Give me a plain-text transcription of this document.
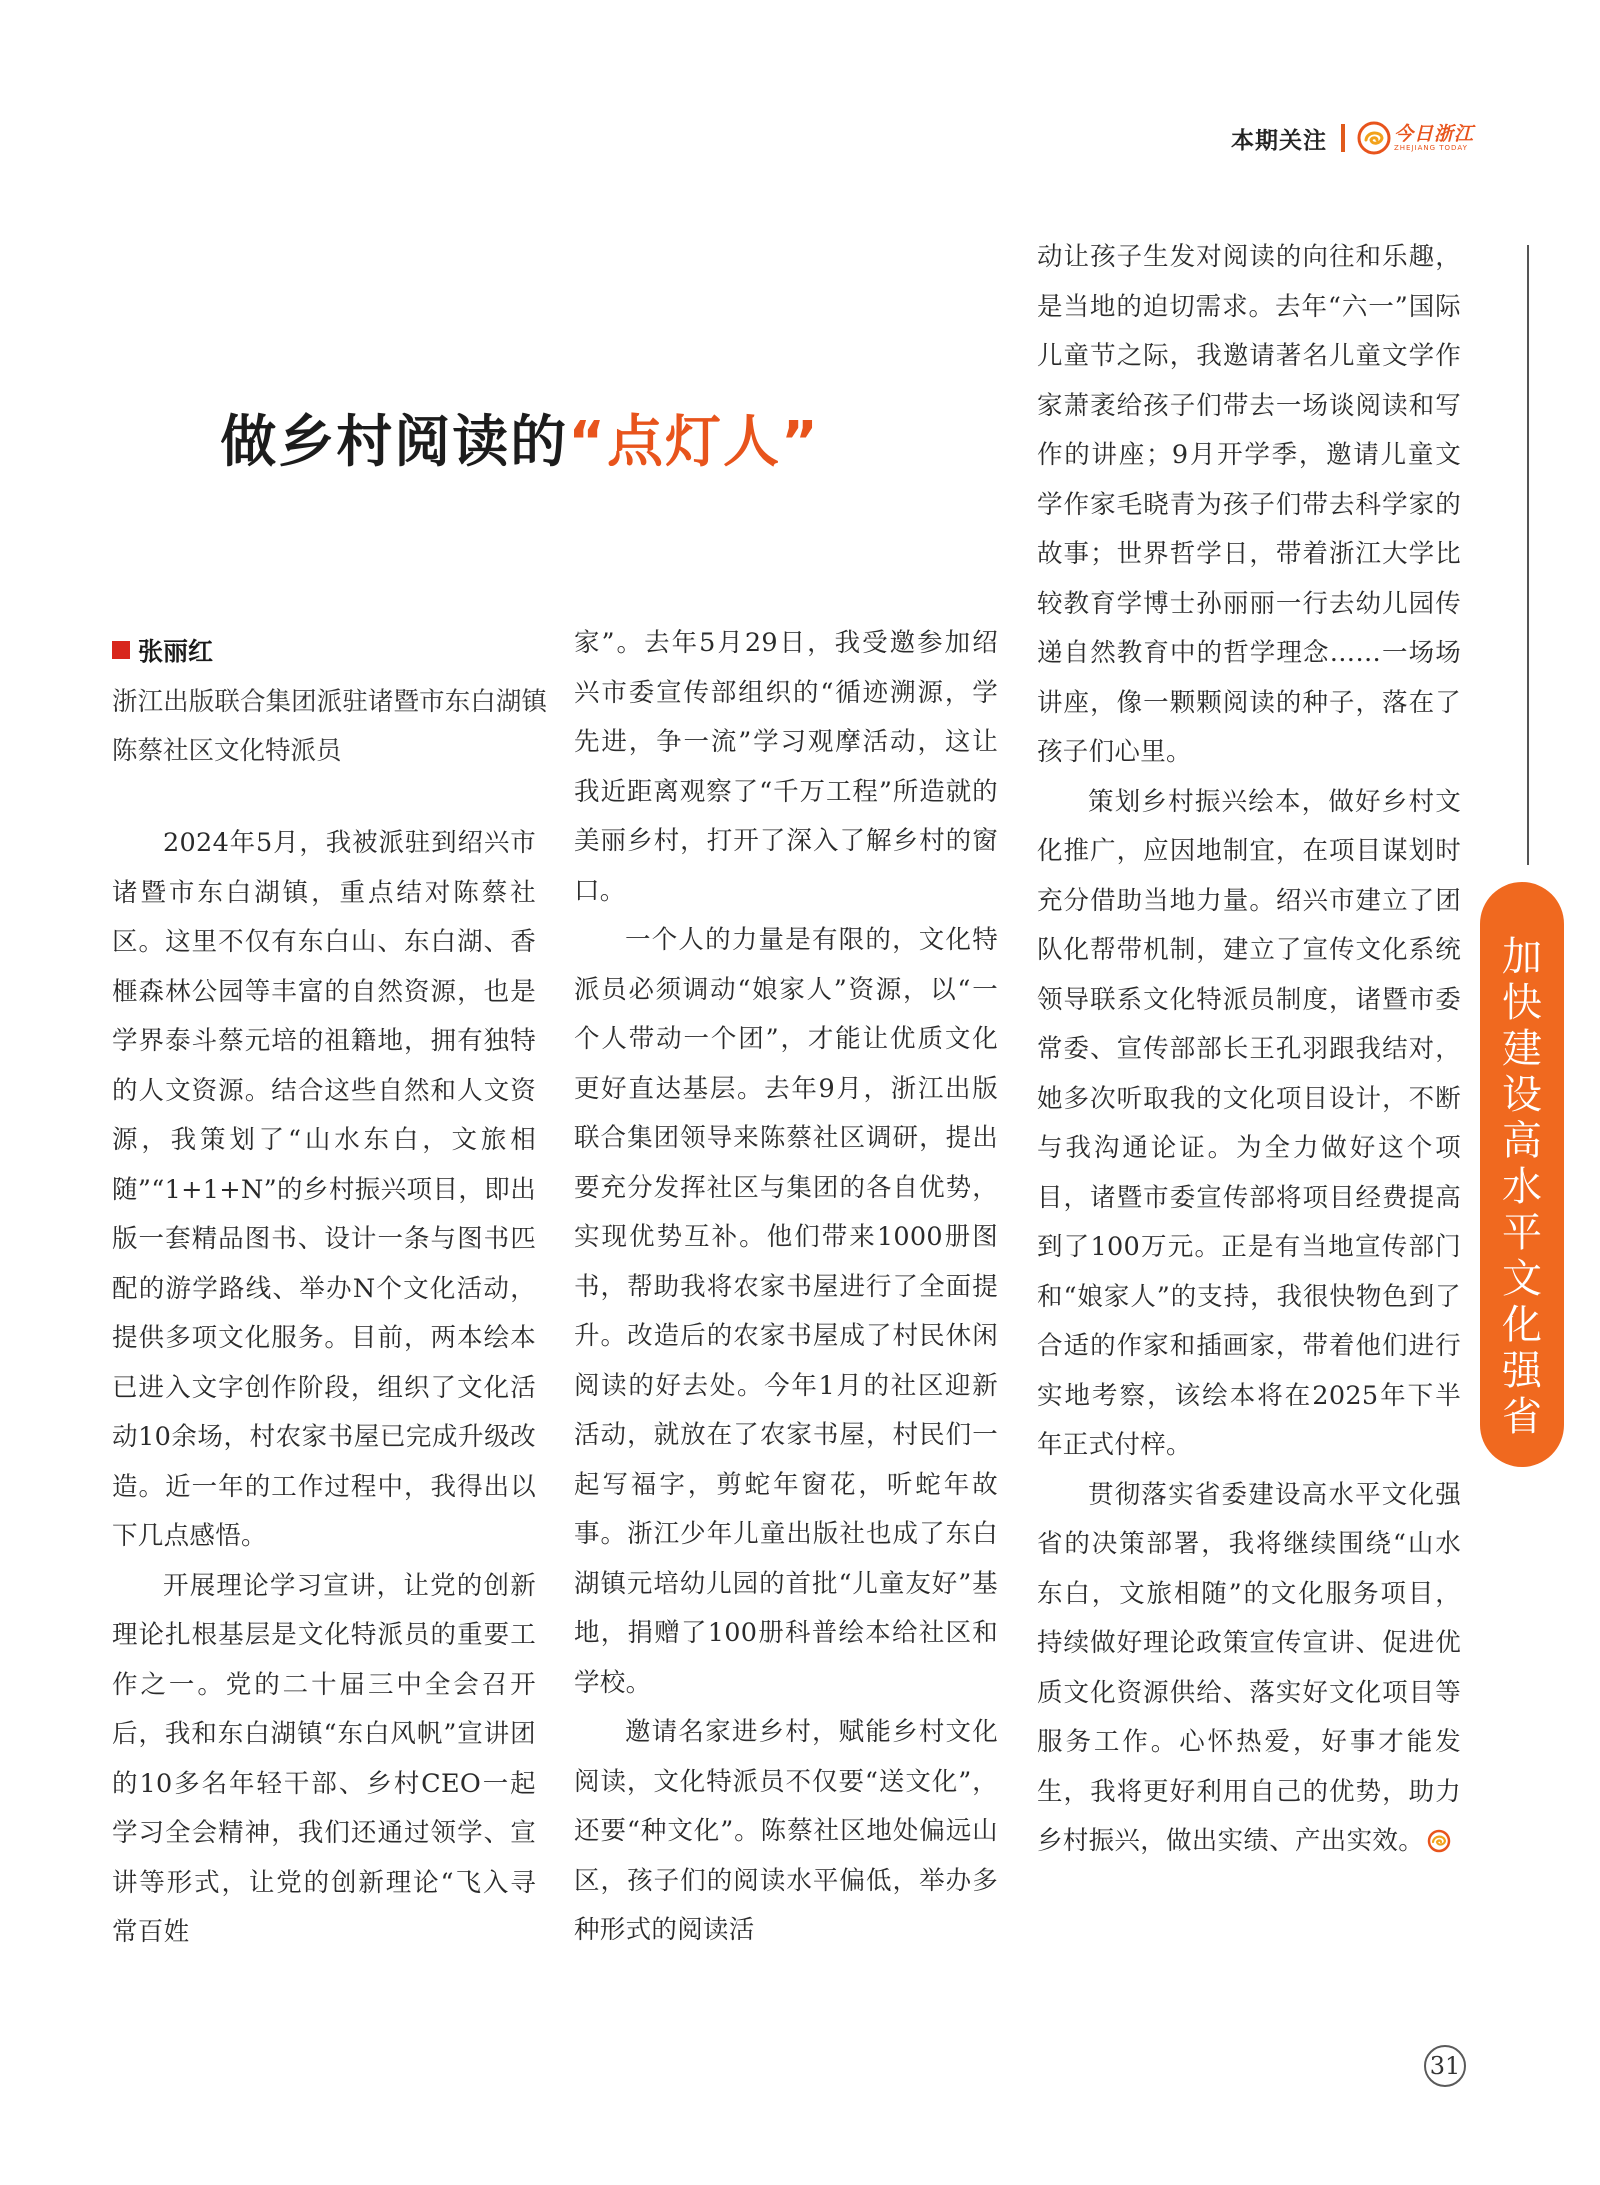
本期关注	今日浙江
ZHEJIANG TODAY
做乡村阅读的“点灯人”
张丽红
浙江出版联合集团派驻诸暨市东白湖镇陈蔡社区文化特派员

2024年5月，我被派驻到绍兴市诸暨市东白湖镇，重点结对陈蔡社区。这里不仅有东白山、东白湖、香榧森林公园等丰富的自然资源，也是学界泰斗蔡元培的祖籍地，拥有独特的人文资源。结合这些自然和人文资源，我策划了“山水东白，文旅相随”“1+1+N”的乡村振兴项目，即出版一套精品图书、设计一条与图书匹配的游学路线、举办N个文化活动，提供多项文化服务。目前，两本绘本已进入文字创作阶段，组织了文化活动10余场，村农家书屋已完成升级改造。近一年的工作过程中，我得出以下几点感悟。

开展理论学习宣讲，让党的创新理论扎根基层是文化特派员的重要工作之一。党的二十届三中全会召开后，我和东白湖镇“东白风帆”宣讲团的10多名年轻干部、乡村CEO一起学习全会精神，我们还通过领学、宣讲等形式，让党的创新理论“飞入寻常百姓

家”。去年5月29日，我受邀参加绍兴市委宣传部组织的“循迹溯源，学先进，争一流”学习观摩活动，这让我近距离观察了“千万工程”所造就的美丽乡村，打开了深入了解乡村的窗口。

一个人的力量是有限的，文化特派员必须调动“娘家人”资源，以“一个人带动一个团”，才能让优质文化更好直达基层。去年9月，浙江出版联合集团领导来陈蔡社区调研，提出要充分发挥社区与集团的各自优势，实现优势互补。他们带来1000册图书，帮助我将农家书屋进行了全面提升。改造后的农家书屋成了村民休闲阅读的好去处。今年1月的社区迎新活动，就放在了农家书屋，村民们一起写福字，剪蛇年窗花，听蛇年故事。浙江少年儿童出版社也成了东白湖镇元培幼儿园的首批“儿童友好”基地，捐赠了100册科普绘本给社区和学校。

邀请名家进乡村，赋能乡村文化阅读，文化特派员不仅要“送文化”，还要“种文化”。陈蔡社区地处偏远山区，孩子们的阅读水平偏低，举办多种形式的阅读活

动让孩子生发对阅读的向往和乐趣，是当地的迫切需求。去年“六一”国际儿童节之际，我邀请著名儿童文学作家萧袤给孩子们带去一场谈阅读和写作的讲座；9月开学季，邀请儿童文学作家毛晓青为孩子们带去科学家的故事；世界哲学日，带着浙江大学比较教育学博士孙丽丽一行去幼儿园传递自然教育中的哲学理念……一场场讲座，像一颗颗阅读的种子，落在了孩子们心里。

策划乡村振兴绘本，做好乡村文化推广，应因地制宜，在项目谋划时充分借助当地力量。绍兴市建立了团队化帮带机制，建立了宣传文化系统领导联系文化特派员制度，诸暨市委常委、宣传部部长王孔羽跟我结对，她多次听取我的文化项目设计，不断与我沟通论证。为全力做好这个项目，诸暨市委宣传部将项目经费提高到了100万元。正是有当地宣传部门和“娘家人”的支持，我很快物色到了合适的作家和插画家，带着他们进行实地考察，该绘本将在2025年下半年正式付梓。

贯彻落实省委建设高水平文化强省的决策部署，我将继续围绕“山水东白，文旅相随”的文化服务项目，持续做好理论政策宣传宣讲、促进优质文化资源供给、落实好文化项目等服务工作。心怀热爱，好事才能发生，我将更好利用自己的优势，助力乡村振兴，做出实绩、产出实效。

加
快
建
设
高
水
平
文
化
强
省
31
